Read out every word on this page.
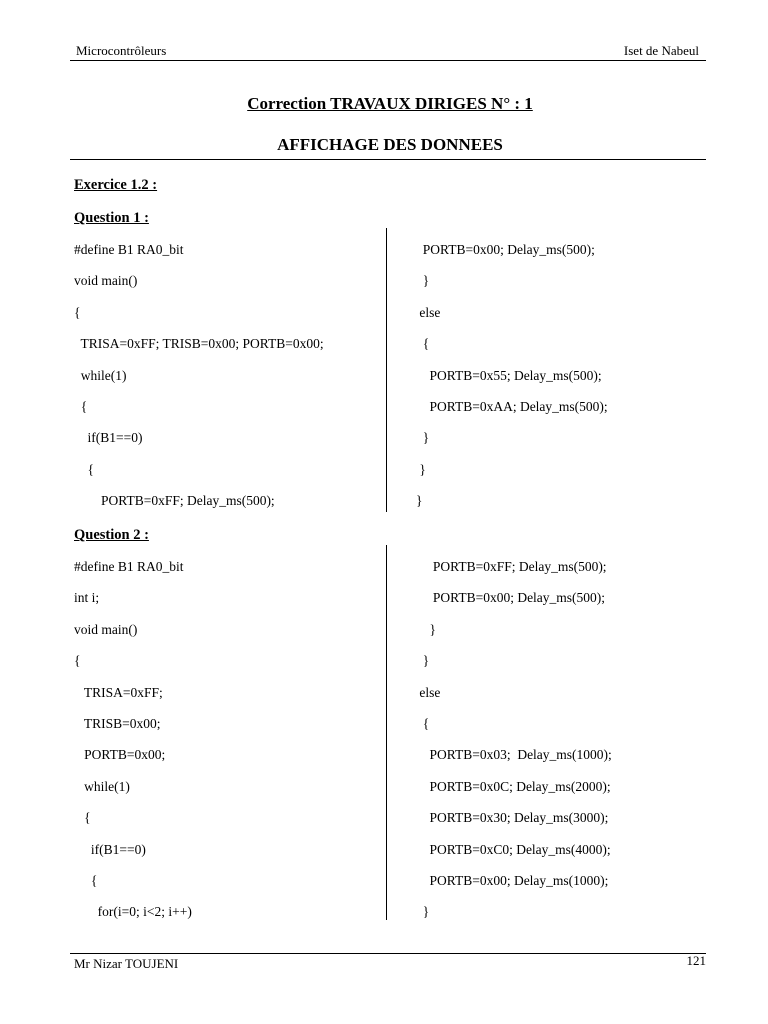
Microcontrôleurs	Iset de Nabeul
Correction TRAVAUX DIRIGES N° : 1
AFFICHAGE DES DONNEES
Exercice 1.2 :
Question 1 :
#define B1 RA0_bit
void main()
{
TRISA=0xFF; TRISB=0x00; PORTB=0x00;
while(1)
{
if(B1==0)
{
PORTB=0xFF; Delay_ms(500);
PORTB=0x00; Delay_ms(500);
}
else
{
PORTB=0x55; Delay_ms(500);
PORTB=0xAA; Delay_ms(500);
}
}
}
Question 2 :
#define B1 RA0_bit
int i;
void main()
{
TRISA=0xFF;
TRISB=0x00;
PORTB=0x00;
while(1)
{
if(B1==0)
{
for(i=0; i<2; i++)
PORTB=0xFF; Delay_ms(500);
PORTB=0x00; Delay_ms(500);
}
}
else
{
PORTB=0x03;  Delay_ms(1000);
PORTB=0x0C; Delay_ms(2000);
PORTB=0x30; Delay_ms(3000);
PORTB=0xC0; Delay_ms(4000);
PORTB=0x00; Delay_ms(1000);
}
Mr Nizar TOUJENI	121
